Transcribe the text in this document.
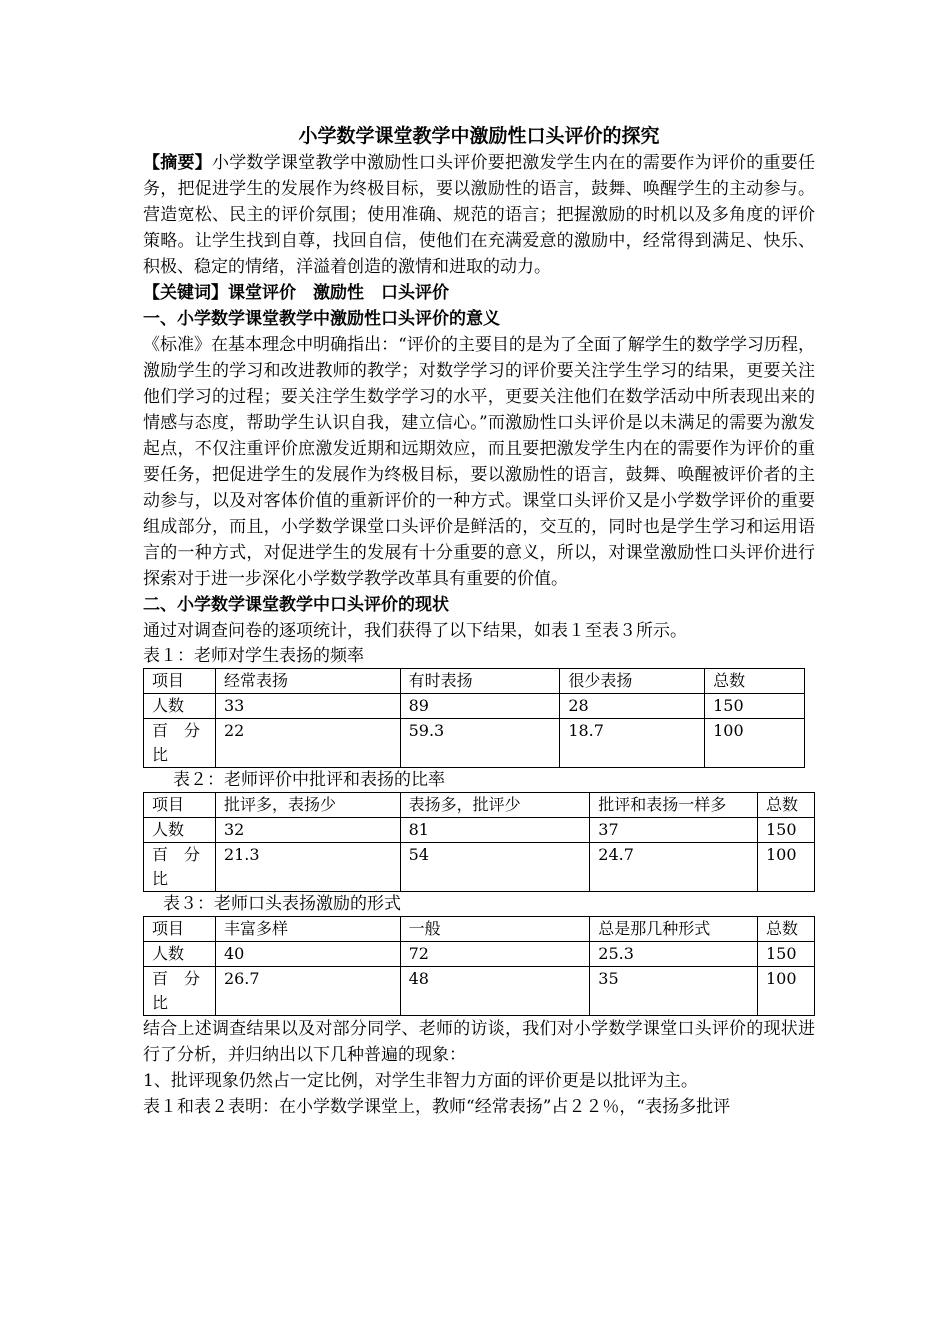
小学数学课堂教学中激励性口头评价的探究

【摘要】小学数学课堂教学中激励性口头评价要把激发学生内在的需要作为评价的重要任务，把促进学生的发展作为终极目标，要以激励性的语言，鼓舞、唤醒学生的主动参与。营造宽松、民主的评价氛围；使用准确、规范的语言；把握激励的时机以及多角度的评价策略。让学生找到自尊，找回自信，使他们在充满爱意的激励中，经常得到满足、快乐、积极、稳定的情绪，洋溢着创造的激情和进取的动力。

【关键词】课堂评价　激励性　口头评价

一、小学数学课堂教学中激励性口头评价的意义

《标准》在基本理念中明确指出：“评价的主要目的是为了全面了解学生的数学学习历程，激励学生的学习和改进教师的教学；对数学学习的评价要关注学生学习的结果，更要关注他们学习的过程；要关注学生数学学习的水平，更要关注他们在数学活动中所表现出来的情感与态度，帮助学生认识自我，建立信心。”而激励性口头评价是以未满足的需要为激发起点，不仅注重评价庶激发近期和远期效应，而且要把激发学生内在的需要作为评价的重要任务，把促进学生的发展作为终极目标，要以激励性的语言，鼓舞、唤醒被评价者的主动参与，以及对客体价值的重新评价的一种方式。课堂口头评价又是小学数学评价的重要组成部分，而且，小学数学课堂口头评价是鲜活的，交互的，同时也是学生学习和运用语言的一种方式，对促进学生的发展有十分重要的意义，所以，对课堂激励性口头评价进行探索对于进一步深化小学数学教学改革具有重要的价值。

二、小学数学课堂教学中口头评价的现状

通过对调查问卷的逐项统计，我们获得了以下结果，如表１至表３所示。

表１：老师对学生表扬的频率

项目	经常表扬	有时表扬	很少表扬	总数
人数	33	89	28	150
百　分比	22	59.3	18.7	100

表２：老师评价中批评和表扬的比率

项目	批评多，表扬少	表扬多，批评少	批评和表扬一样多	总数
人数	32	81	37	150
百　分比	21.3	54	24.7	100

表３：老师口头表扬激励的形式

项目	丰富多样	一般	总是那几种形式	总数
人数	40	72	25.3	150
百　分比	26.7	48	35	100

结合上述调查结果以及对部分同学、老师的访谈，我们对小学数学课堂口头评价的现状进行了分析，并归纳出以下几种普遍的现象：

1、批评现象仍然占一定比例，对学生非智力方面的评价更是以批评为主。

表１和表２表明：在小学数学课堂上，教师“经常表扬”占２２％，“表扬多批评
